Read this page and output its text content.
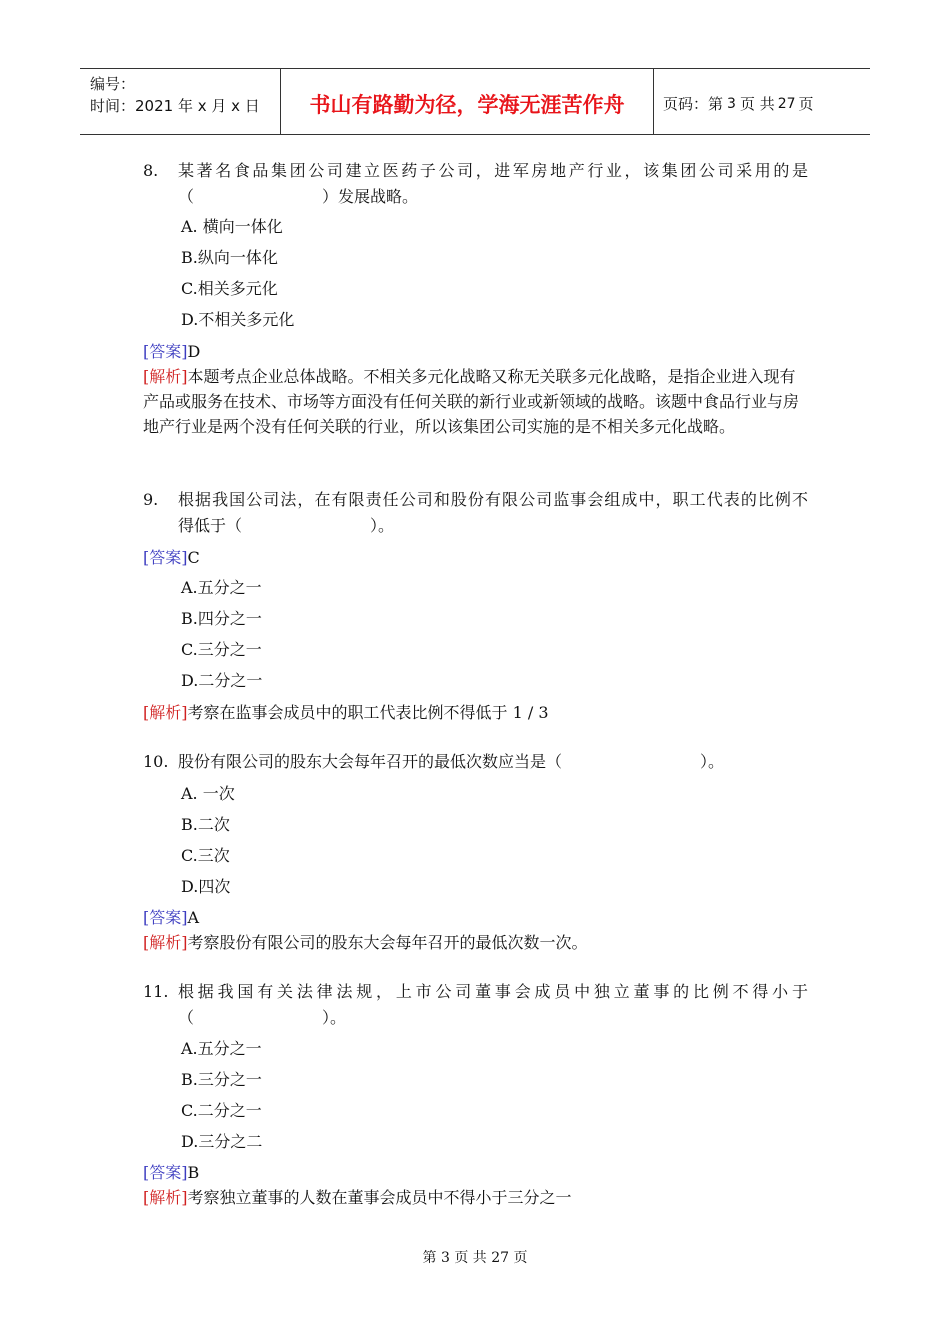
编号：
时间：2021 年 x 月 x 日	书山有路勤为径，学海无涯苦作舟	页码：第 3 页 共 27 页
8.	某著名食品集团公司建立医药子公司，进军房地产行业，该集团公司采用的是
（	）发展战略。
A. 横向一体化
B.纵向一体化
C.相关多元化
D.不相关多元化
[答案]D
[解析]本题考点企业总体战略。不相关多元化战略又称无关联多元化战略，是指企业进入现有产品或服务在技术、市场等方面没有任何关联的新行业或新领域的战略。该题中食品行业与房地产行业是两个没有任何关联的行业，所以该集团公司实施的是不相关多元化战略。
9.	根据我国公司法，在有限责任公司和股份有限公司监事会组成中，职工代表的比例不
得低于（	）。
[答案]C
A.五分之一
B.四分之一
C.三分之一
D.二分之一
[解析]考察在监事会成员中的职工代表比例不得低于 1 / 3
10. 股份有限公司的股东大会每年召开的最低次数应当是（	）。
A. 一次
B.二次
C.三次
D.四次
[答案]A
[解析]考察股份有限公司的股东大会每年召开的最低次数一次。
11. 根据我国有关法律法规，上市公司董事会成员中独立董事的比例不得小于
（	）。
A.五分之一
B.三分之一
C.二分之一
D.三分之二
[答案]B
[解析]考察独立董事的人数在董事会成员中不得小于三分之一
第 3 页 共 27 页
